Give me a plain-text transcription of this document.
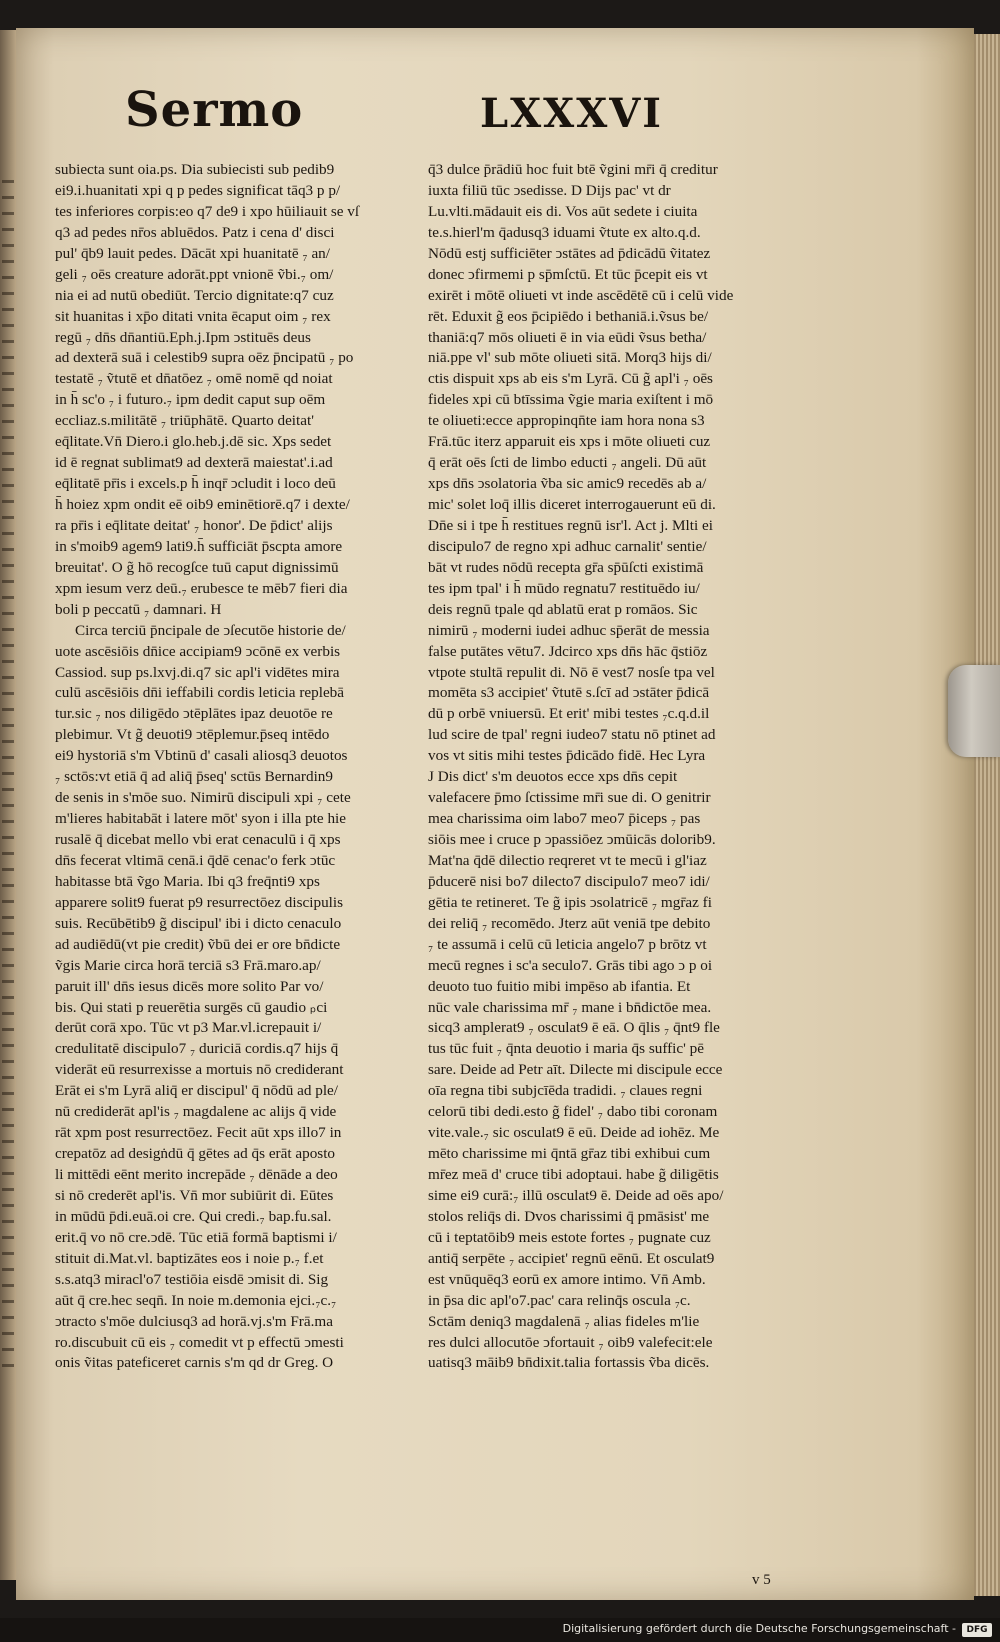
Sermo	LXXXVI
subiecta sunt oia.ps. Dia subiecisti sub pedib9
ei9.i.huanitati xpi q p pedes significat tāq3 p p/
tes inferiores corpis:eo q7 de9 i xpo hūiliauit se vſ
q3 ad pedes nr̄os abluēdos. Patz i cena d' disci
pul' q̄b9 lauit pedes. Dācāt xpi huanitatē ₇ an/
geli ₇ oēs creature adorāt.ppt vnionē ṽbi.₇ om/
nia ei ad nutū obediūt. Tercio dignitate:q7 cuz
sit huanitas i xp̄o ditati vnita ēcaput oim ₇ rex
regū ₇ dn̄s dn̄antiū.Eph.j.Ipm ↄstituēs deus
ad dexterā suā i celestib9 supra oēz p̄ncipatū ₇ po
testatē ₇ ṽtutē et dn̄atōez ₇ omē nomē qd noiat
in h̄ sc'o ₇ i futuro.₇ ipm dedit caput sup oēm
eccliaz.s.militātē ₇ triūphātē. Quarto deitat'
eq̄litate.Vn̄ Diero.i glo.heb.j.dē sic. Xps sedet
id ē regnat sublimat9 ad dexterā maiestat'.i.ad
eq̄litatē pr̄is i excels.p h̄ inqr̄ ↄcludit i loco deū
h̄ hoiez xpm ondit eē oib9 eminētiorē.q7 i dexte/
ra pr̄is i eq̄litate deitat' ₇ honor'. De p̄dict' alijs
in s'moib9 agem9 lati9.h̄ sufficiāt p̄scpta amore
breuitat'. O g̃ hō recogſce tuū caput dignissimū
xpm iesum verz deū.₇ erubesce te mēb7 fieri dia
boli p peccatū ₇ damnari. H
Circa terciū p̄ncipale de ↄſecutōe historie de/
uote ascēsiōis dn̄ice accipiam9 ↄcōnē ex verbis
Cassiod. sup ps.lxvj.di.q7 sic apl'i vidētes mira
culū ascēsiōis dn̄i ieffabili cordis leticia replebā
tur.sic ₇ nos diligēdo ↄtēplātes ipaz deuotōe re
plebimur. Vt g̃ deuoti9 ↄtēplemur.p̄seq intēdo
ei9 hystoriā s'm Vbtinū d' casali aliosq3 deuotos
₇ sctōs:vt etiā q̄ ad aliq̄ p̄seq' sctūs Bernardin9
de senis in s'mōe suo. Nimirū discipuli xpi ₇ cete
m'lieres habitabāt i latere mōt' syon i illa pte hie
rusalē q̄ dicebat mello vbi erat cenaculū i q̄ xps
dn̄s fecerat vltimā cenā.i q̄dē cenac'o ferk ↄtūc
habitasse btā ṽgo Maria. Ibi q3 freq̄nti9 xps
apparere solit9 fuerat p9 resurrectōez discipulis
suis. Recūbētib9 g̃ discipul' ibi i dicto cenaculo
ad audiēdū(vt pie credit) ṽbū dei er ore bn̄dicte
ṽgis Marie circa horā terciā s3 Frā.maro.ap/
paruit ill' dn̄s iesus dicēs more solito Par vo/
bis. Qui stati p reuerētia surgēs cū gaudio ₚci
derūt corā xpo. Tūc vt p3 Mar.vl.icrepauit i/
credulitatē discipulo7 ₇ duriciā cordis.q7 hijs q̄
viderāt eū resurrexisse a mortuis nō crediderant
Erāt ei s'm Lyrā aliq̄ er discipul' q̄ nōdū ad ple/
nū crediderāt apl'is ₇ magdalene ac alijs q̄ vide
rāt xpm post resurrectōez. Fecit aūt xps illo7 in
crepatōz ad desigṅdū q̄ gētes ad q̄s erāt aposto
li mittēdi eēnt merito increpāde ₇ dēnāde a deo
si nō crederēt apl'is. Vn̄ mor subiūrit di. Eūtes
in mūdū p̄di.euā.oi cre. Qui credi.₇ bap.fu.sal.
erit.q̄ vo nō cre.ↄdē. Tūc etiā formā baptismi i/
stituit di.Mat.vl. baptizātes eos i noie p.₇ f.et
s.s.atq3 miracl'o7 testiōia eisdē ↄmisit di. Sig
aūt q̄ cre.hec seqn̄. In noie m.demonia ejci.₇c.₇
ↄtracto s'mōe dulciusq3 ad horā.vj.s'm Frā.ma
ro.discubuit cū eis ₇ comedit vt p effectū ↄmesti
onis ṽitas pateficeret carnis s'm qd dr Greg. O
q̄3 dulce p̄rādiū hoc fuit btē ṽgini mr̄i q̄ creditur
iuxta filiū tūc ↄsedisse. D Dijs pac' vt dr
Lu.vlti.mādauit eis di. Vos aūt sedete i ciuita
te.s.hierl'm q̄adusq3 iduami ṽtute ex alto.q.d.
Nōdū estj sufficiēter ↄstātes ad p̄dicādū ṽitatez
donec ↄfirmemi p sp̄mſctū. Et tūc p̄cepit eis vt
exirēt i mōtē oliueti vt inde ascēdētē cū i celū vide
rēt. Eduxit g̃ eos p̄cipiēdo i bethaniā.i.ṽsus be/
thaniā:q7 mōs oliueti ē in via eūdi ṽsus betha/
niā.ppe vl' sub mōte oliueti sitā. Morq3 hijs di/
ctis dispuit xps ab eis s'm Lyrā. Cū g̃ apl'i ₇ oēs
fideles xpi cū btīssima ṽgie maria exiſtent i mō
te oliueti:ecce appropinqn̄te iam hora nona s3
Frā.tūc iterz apparuit eis xps i mōte oliueti cuz
q̄ erāt oēs ſcti de limbo educti ₇ angeli. Dū aūt
xps dn̄s ↄsolatoria ṽba sic amic9 recedēs ab a/
mic' solet loq̄ illis diceret interrogauerunt eū di.
Dn̄e si i tpe h̄ restitues regnū isr'l. Act j. Mlti ei
discipulo7 de regno xpi adhuc carnalit' sentie/
bāt vt rudes nōdū recepta gr̄a sp̄ūſcti existimā
tes ipm tpal' i h̄ mūdo regnatu7 restituēdo iu/
deis regnū tpale qd ablatū erat p romāos. Sic
nimirū ₇ moderni iudei adhuc sp̄erāt de messia
false putātes vētu7. Jdcirco xps dn̄s hāc q̄stiōz
vtpote stultā repulit di. Nō ē vest7 nosſe tpa vel
momēta s3 accipiet' ṽtutē s.ſcī ad ↄstāter p̄dicā
dū p orbē vniuersū. Et erit' mibi testes ₇c.q.d.il
lud scire de tpal' regni iudeo7 statu nō ptinet ad
vos vt sitis mihi testes p̄dicādo fidē. Hec Lyra
J Dis dict' s'm deuotos ecce xps dn̄s cepit
valefacere p̄mo ſctissime mr̄i sue di. O genitrir
mea charissima oim labo7 meo7 p̄iceps ₇ pas
siōis mee i cruce p ↄpassiōez ↄmūicās dolorib9.
Mat'na q̄dē dilectio reqreret vt te mecū i gl'iaz
p̄ducerē nisi bo7 dilecto7 discipulo7 meo7 idi/
gētia te retineret. Te g̃ ipis ↄsolatricē ₇ mgr̄az fi
dei reliq̄ ₇ recomēdo. Jterz aūt veniā tpe debito
₇ te assumā i celū cū leticia angelo7 p brōtz vt
mecū regnes i sc'a seculo7. Grās tibi ago ↄ p oi
deuoto tuo fuitio mibi impēso ab ifantia. Et
nūc vale charissima mr̄ ₇ mane i bn̄dictōe mea.
sicq3 amplerat9 ₇ osculat9 ē eā. O q̄lis ₇ q̄nt9 fle
tus tūc fuit ₇ q̄nta deuotio i maria q̄s suffic' pē
sare. Deide ad Petr aīt. Dilecte mi discipule ecce
oīa regna tibi subjcīēda tradidi. ₇ claues regni
celorū tibi dedi.esto g̃ fidel' ₇ dabo tibi coronam
vite.vale.₇ sic osculat9 ē eū. Deide ad iohēz. Me
mēto charissime mi q̄ntā gr̄az tibi exhibui cum
mr̄ez meā d' cruce tibi adoptaui. habe g̃ diligētis
sime ei9 curā:₇ illū osculat9 ē. Deide ad oēs apo/
stolos reliq̄s di. Dvos charissimi q̄ pmāsist' me
cū i teptatōib9 meis estote fortes ₇ pugnate cuz
antiq̄ serpēte ₇ accipiet' regnū eēnū. Et osculat9
est vnūquēq3 eorū ex amore intimo. Vn̄ Amb.
in p̄sa dic apl'o7.pac' cara relinq̄s oscula ₇c.
Sctām deniq3 magdalenā ₇ alias fideles m'lie
res dulci allocutōe ↄfortauit ₇ oib9 valefecit:ele
uatisq3 māib9 bn̄dixit.talia fortassis ṽba dicēs.
v 5
Digitalisierung gefördert durch die Deutsche Forschungsgemeinschaft -	DFG
